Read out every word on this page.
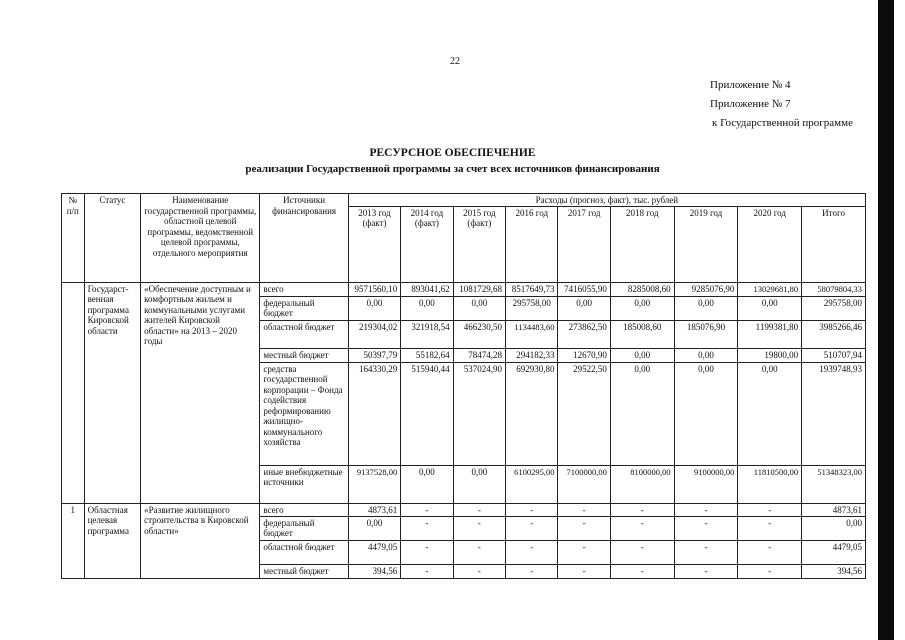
22
Приложение № 4
Приложение № 7
к Государственной программе
РЕСУРСНОЕ ОБЕСПЕЧЕНИЕ
реализации Государственной программы за счет всех источников финансирования
№ п/п	Статус	Наименование государственной программы, областной целевой программы, ведомственной целевой программы, отдельного мероприятия	Источники финансирования	Расходы (прогноз, факт), тыс. рублей								
				2013 год (факт)	2014 год (факт)	2015 год (факт)	2016 год	2017 год	2018 год	2019 год	2020 год	Итого
	Государст-венная программа Кировской области	«Обеспечение доступным и комфортным жильем и коммунальными услугами жителей Кировской области» на 2013 – 2020 годы	всего	9571560,10	893041,62	1081729,68	8517649,73	7416055,90	8285008,60	9285076,90	13029681,80	58079804,33
			федеральный бюджет	0,00	0,00	0,00	295758,00	0,00	0,00	0,00	0,00	295758,00
			областной бюджет	219304,02	321918,54	466230,50	1134483,60	273862,50	185008,60	185076,90	1199381,80	3985266,46
			местный бюджет	50397,79	55182,64	78474,28	294182,33	12670,90	0,00	0,00	19800,00	510707,94
			средства государственной корпорации – Фонда содействия реформированию жилищно-коммунального хозяйства	164330,29	515940,44	537024,90	692930,80	29522,50	0,00	0,00	0,00	1939748,93
			иные внебюджетные источники	9137528,00	0,00	0,00	6100295,00	7100000,00	8100000,00	9100000,00	11810500,00	51348323,00
1	Областная целевая программа	«Развитие жилищного строительства в Кировской области»	всего	4873,61	-	-	-	-	-	-	-	4873,61
			федеральный бюджет	0,00	-	-	-	-	-	-	-	0,00
			областной бюджет	4479,05	-	-	-	-	-	-	-	4479,05
			местный бюджет	394,56	-	-	-	-	-	-	-	394,56
